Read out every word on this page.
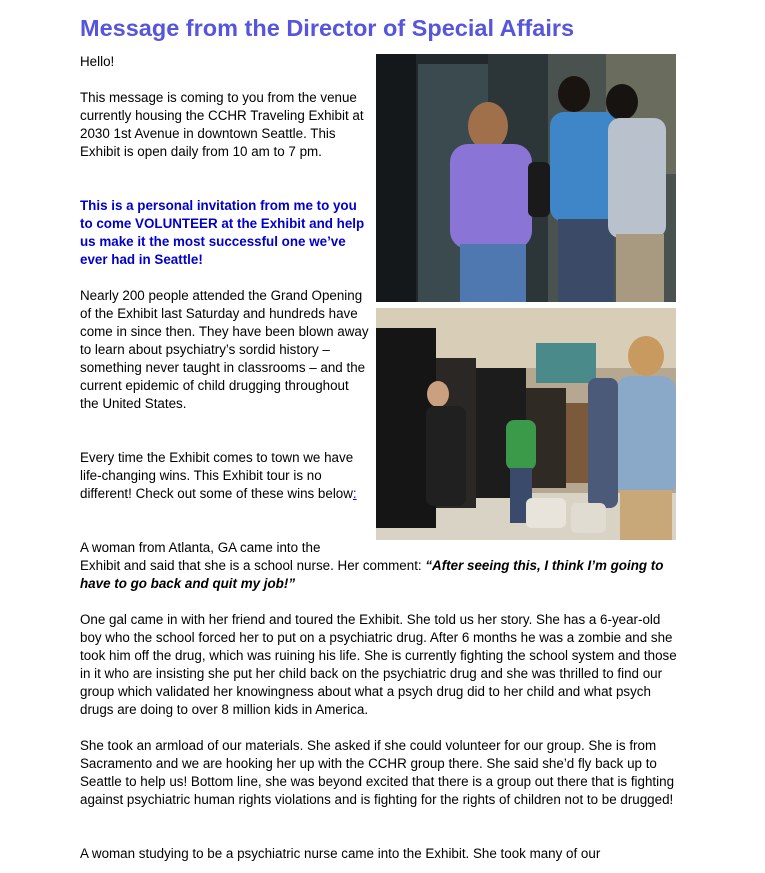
Message from the Director of Special Affairs

Hello!

This message is coming to you from the venue currently housing the CCHR Traveling Exhibit at 2030 1st Avenue in downtown Seattle. This Exhibit is open daily from 10 am to 7 pm.

This is a personal invitation from me to you to come VOLUNTEER at the Exhibit and help us make it the most successful one we’ve ever had in Seattle!

Nearly 200 people attended the Grand Opening of the Exhibit last Saturday and hundreds have come in since then. They have been blown away to learn about psychiatry’s sordid history – something never taught in classrooms – and the current epidemic of child drugging throughout the United States.

Every time the Exhibit comes to town we have life-changing wins. This Exhibit tour is no different! Check out some of these wins below:

A woman from Atlanta, GA came into the

Exhibit and said that she is a school nurse. Her comment: “After seeing this, I think I’m going to have to go back and quit my job!”

One gal came in with her friend and toured the Exhibit. She told us her story. She has a 6-year-old boy who the school forced her to put on a psychiatric drug. After 6 months he was a zombie and she took him off the drug, which was ruining his life. She is currently fighting the school system and those in it who are insisting she put her child back on the psychiatric drug and she was thrilled to find our group which validated her knowingness about what a psych drug did to her child and what psych drugs are doing to over 8 million kids in America.

She took an armload of our materials. She asked if she could volunteer for our group. She is from Sacramento and we are hooking her up with the CCHR group there. She said she’d fly back up to Seattle to help us! Bottom line, she was beyond excited that there is a group out there that is fighting against psychiatric human rights violations and is fighting for the rights of children not to be drugged!

A woman studying to be a psychiatric nurse came into the Exhibit. She took many of our
